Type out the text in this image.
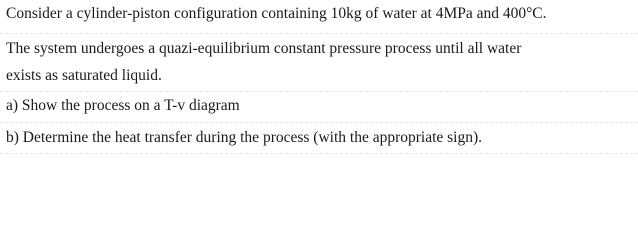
Consider a cylinder-piston configuration containing 10kg of water at 4MPa and 400°C.
The system undergoes a quazi-equilibrium constant pressure process until all water
exists as saturated liquid.
a) Show the process on a T-v diagram
b) Determine the heat transfer during the process (with the appropriate sign).
